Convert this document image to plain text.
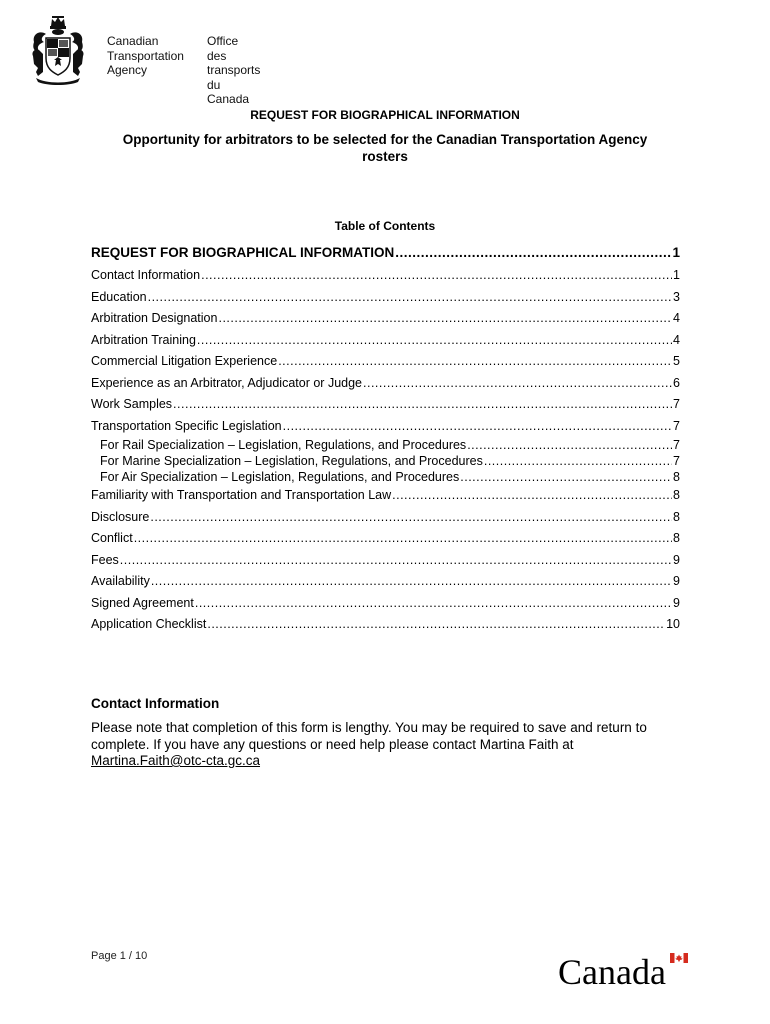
Canadian
Transportation
Agency
Office
des transports
du Canada
REQUEST FOR BIOGRAPHICAL INFORMATION
Opportunity for arbitrators to be selected for the Canadian Transportation Agency
rosters
Table of Contents
REQUEST FOR BIOGRAPHICAL INFORMATION .....	1
Contact Information .....	1
Education .....	3
Arbitration Designation .....	4
Arbitration Training .....	4
Commercial Litigation Experience .....	5
Experience as an Arbitrator, Adjudicator or Judge .....	6
Work Samples .....	7
Transportation Specific Legislation .....	7
For Rail Specialization – Legislation, Regulations, and Procedures .....	7
For Marine Specialization – Legislation, Regulations, and Procedures .....	7
For Air Specialization – Legislation, Regulations, and Procedures .....	8
Familiarity with Transportation and Transportation Law .....	8
Disclosure .....	8
Conflict .....	8
Fees .....	9
Availability .....	9
Signed Agreement .....	9
Application Checklist .....	10
Contact Information
Please note that completion of this form is lengthy. You may be required to save and return to complete. If you have any questions or need help please contact Martina Faith at Martina.Faith@otc-cta.gc.ca
Page 1 / 10	Canada
